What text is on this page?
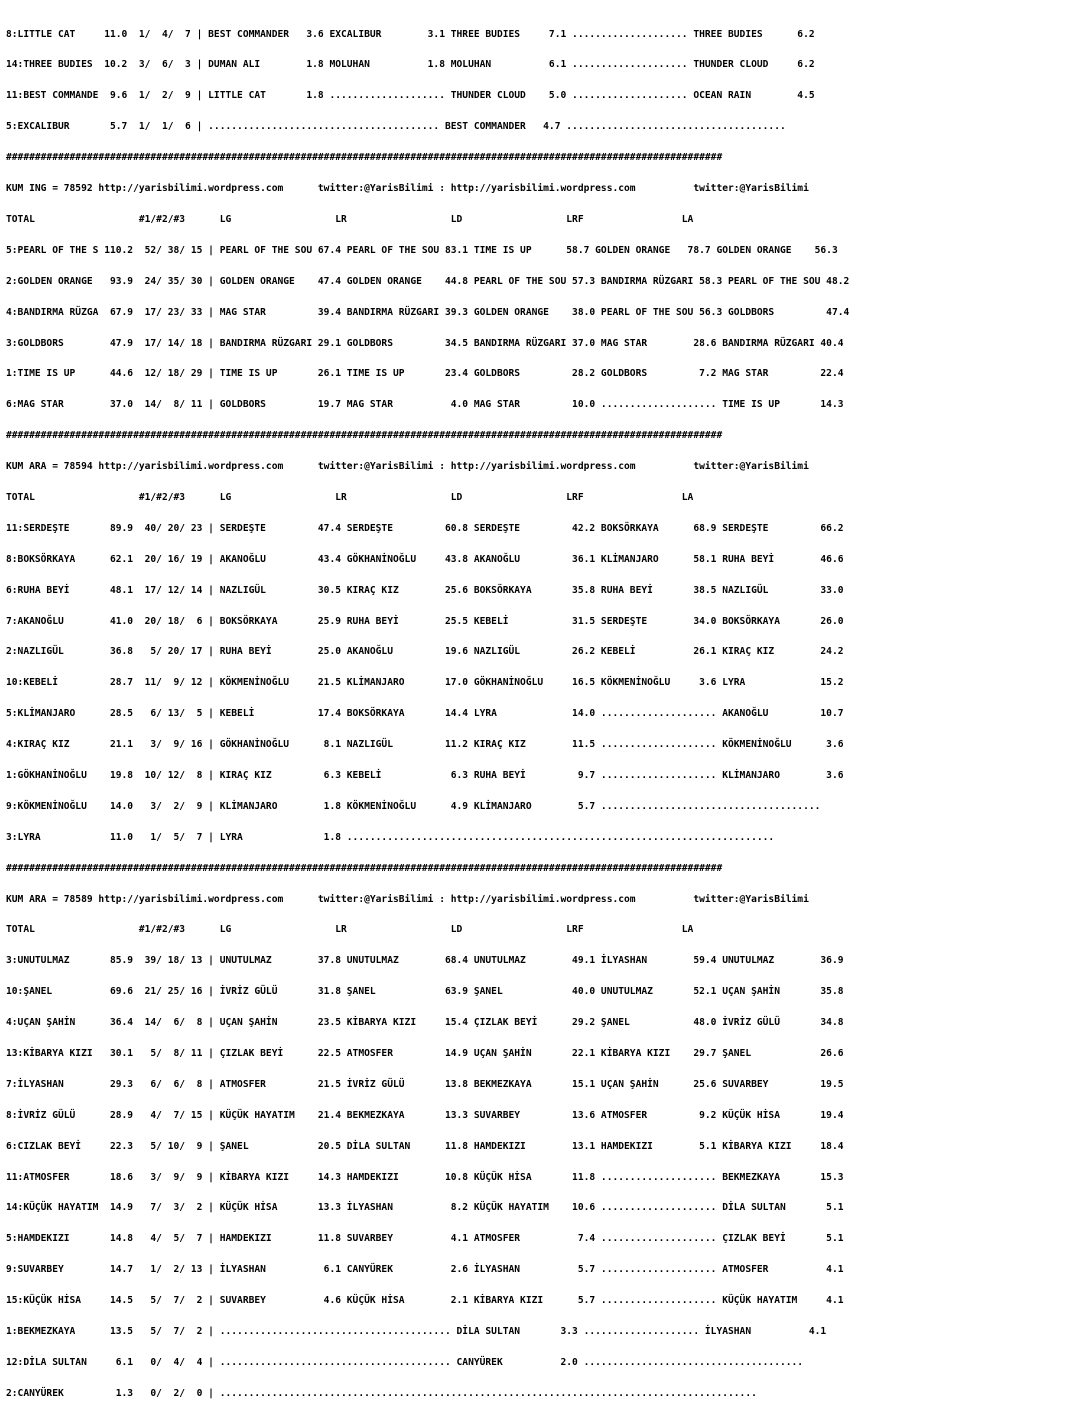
8:LITTLE CAT     11.0  1/  4/  7 | BEST COMMANDER   3.6 EXCALIBUR        3.1 THREE BUDIES     7.1 .................... THREE BUDIES      6.2

14:THREE BUDIES  10.2  3/  6/  3 | DUMAN ALI        1.8 MOLUHAN          1.8 MOLUHAN          6.1 .................... THUNDER CLOUD     6.2

11:BEST COMMANDE  9.6  1/  2/  9 | LITTLE CAT       1.8 .................... THUNDER CLOUD    5.0 .................... OCEAN RAIN        4.5

5:EXCALIBUR       5.7  1/  1/  6 | ........................................ BEST COMMANDER   4.7 ......................................

############################################################################################################################

KUM ING = 78592 http://yarisbilimi.wordpress.com      twitter:@YarisBilimi : http://yarisbilimi.wordpress.com          twitter:@YarisBilimi

TOTAL                  #1/#2/#3      LG                  LR                  LD                  LRF                 LA

5:PEARL OF THE S 110.2  52/ 38/ 15 | PEARL OF THE SOU 67.4 PEARL OF THE SOU 83.1 TIME IS UP      58.7 GOLDEN ORANGE   78.7 GOLDEN ORANGE    56.3

2:GOLDEN ORANGE   93.9  24/ 35/ 30 | GOLDEN ORANGE    47.4 GOLDEN ORANGE    44.8 PEARL OF THE SOU 57.3 BANDIRMA RÜZGARI 58.3 PEARL OF THE SOU 48.2

4:BANDIRMA RÜZGA  67.9  17/ 23/ 33 | MAG STAR         39.4 BANDIRMA RÜZGARI 39.3 GOLDEN ORANGE    38.0 PEARL OF THE SOU 56.3 GOLDBORS         47.4

3:GOLDBORS        47.9  17/ 14/ 18 | BANDIRMA RÜZGARI 29.1 GOLDBORS         34.5 BANDIRMA RÜZGARI 37.0 MAG STAR        28.6 BANDIRMA RÜZGARI 40.4

1:TIME IS UP      44.6  12/ 18/ 29 | TIME IS UP       26.1 TIME IS UP       23.4 GOLDBORS         28.2 GOLDBORS         7.2 MAG STAR         22.4

6:MAG STAR        37.0  14/  8/ 11 | GOLDBORS         19.7 MAG STAR          4.0 MAG STAR         10.0 .................... TIME IS UP       14.3

############################################################################################################################

KUM ARA = 78594 http://yarisbilimi.wordpress.com      twitter:@YarisBilimi : http://yarisbilimi.wordpress.com          twitter:@YarisBilimi

TOTAL                  #1/#2/#3      LG                  LR                  LD                  LRF                 LA

11:SERDEŞTE       89.9  40/ 20/ 23 | SERDEŞTE         47.4 SERDEŞTE         60.8 SERDEŞTE         42.2 BOKSÖRKAYA      68.9 SERDEŞTE         66.2

8:BOKSÖRKAYA      62.1  20/ 16/ 19 | AKANOĞLU         43.4 GÖKHANİNOĞLU     43.8 AKANOĞLU         36.1 KLİMANJARO      58.1 RUHA BEYİ        46.6

6:RUHA BEYİ       48.1  17/ 12/ 14 | NAZLIGÜL         30.5 KIRAÇ KIZ        25.6 BOKSÖRKAYA       35.8 RUHA BEYİ       38.5 NAZLIGÜL         33.0

7:AKANOĞLU        41.0  20/ 18/  6 | BOKSÖRKAYA       25.9 RUHA BEYİ        25.5 KEBELİ           31.5 SERDEŞTE        34.0 BOKSÖRKAYA       26.0

2:NAZLIGÜL        36.8   5/ 20/ 17 | RUHA BEYİ        25.0 AKANOĞLU         19.6 NAZLIGÜL         26.2 KEBELİ          26.1 KIRAÇ KIZ        24.2

10:KEBELİ         28.7  11/  9/ 12 | KÖKMENİNOĞLU     21.5 KLİMANJARO       17.0 GÖKHANİNOĞLU     16.5 KÖKMENİNOĞLU     3.6 LYRA             15.2

5:KLİMANJARO      28.5   6/ 13/  5 | KEBELİ           17.4 BOKSÖRKAYA       14.4 LYRA             14.0 .................... AKANOĞLU         10.7

4:KIRAÇ KIZ       21.1   3/  9/ 16 | GÖKHANİNOĞLU      8.1 NAZLIGÜL         11.2 KIRAÇ KIZ        11.5 .................... KÖKMENİNOĞLU      3.6

1:GÖKHANİNOĞLU    19.8  10/ 12/  8 | KIRAÇ KIZ         6.3 KEBELİ            6.3 RUHA BEYİ         9.7 .................... KLİMANJARO        3.6

9:KÖKMENİNOĞLU    14.0   3/  2/  9 | KLİMANJARO        1.8 KÖKMENİNOĞLU      4.9 KLİMANJARO        5.7 ......................................

3:LYRA            11.0   1/  5/  7 | LYRA              1.8 ..........................................................................

############################################################################################################################

KUM ARA = 78589 http://yarisbilimi.wordpress.com      twitter:@YarisBilimi : http://yarisbilimi.wordpress.com          twitter:@YarisBilimi

TOTAL                  #1/#2/#3      LG                  LR                  LD                  LRF                 LA

3:UNUTULMAZ       85.9  39/ 18/ 13 | UNUTULMAZ        37.8 UNUTULMAZ        68.4 UNUTULMAZ        49.1 İLYASHAN        59.4 UNUTULMAZ        36.9

10:ŞANEL          69.6  21/ 25/ 16 | İVRİZ GÜLÜ       31.8 ŞANEL            63.9 ŞANEL            40.0 UNUTULMAZ       52.1 UÇAN ŞAHİN       35.8

4:UÇAN ŞAHİN      36.4  14/  6/  8 | UÇAN ŞAHİN       23.5 KİBARYA KIZI     15.4 ÇIZLAK BEYİ      29.2 ŞANEL           48.0 İVRİZ GÜLÜ       34.8

13:KİBARYA KIZI   30.1   5/  8/ 11 | ÇIZLAK BEYİ      22.5 ATMOSFER         14.9 UÇAN ŞAHİN       22.1 KİBARYA KIZI    29.7 ŞANEL            26.6

7:İLYASHAN        29.3   6/  6/  8 | ATMOSFER         21.5 İVRİZ GÜLÜ       13.8 BEKMEZKAYA       15.1 UÇAN ŞAHİN      25.6 SUVARBEY         19.5

8:İVRİZ GÜLÜ      28.9   4/  7/ 15 | KÜÇÜK HAYATIM    21.4 BEKMEZKAYA       13.3 SUVARBEY         13.6 ATMOSFER         9.2 KÜÇÜK HİSA       19.4

6:CIZLAK BEYİ     22.3   5/ 10/  9 | ŞANEL            20.5 DİLA SULTAN      11.8 HAMDEKIZI        13.1 HAMDEKIZI        5.1 KİBARYA KIZI     18.4

11:ATMOSFER       18.6   3/  9/  9 | KİBARYA KIZI     14.3 HAMDEKIZI        10.8 KÜÇÜK HİSA       11.8 .................... BEKMEZKAYA       15.3

14:KÜÇÜK HAYATIM  14.9   7/  3/  2 | KÜÇÜK HİSA       13.3 İLYASHAN          8.2 KÜÇÜK HAYATIM    10.6 .................... DİLA SULTAN       5.1

5:HAMDEKIZI       14.8   4/  5/  7 | HAMDEKIZI        11.8 SUVARBEY          4.1 ATMOSFER          7.4 .................... ÇIZLAK BEYİ       5.1

9:SUVARBEY        14.7   1/  2/ 13 | İLYASHAN          6.1 CANYÜREK          2.6 İLYASHAN          5.7 .................... ATMOSFER          4.1

15:KÜÇÜK HİSA     14.5   5/  7/  2 | SUVARBEY          4.6 KÜÇÜK HİSA        2.1 KİBARYA KIZI      5.7 .................... KÜÇÜK HAYATIM     4.1

1:BEKMEZKAYA      13.5   5/  7/  2 | ........................................ DİLA SULTAN       3.3 .................... İLYASHAN          4.1

12:DİLA SULTAN     6.1   0/  4/  4 | ........................................ CANYÜREK          2.0 ......................................

2:CANYÜREK         1.3   0/  2/  0 | .............................................................................................
